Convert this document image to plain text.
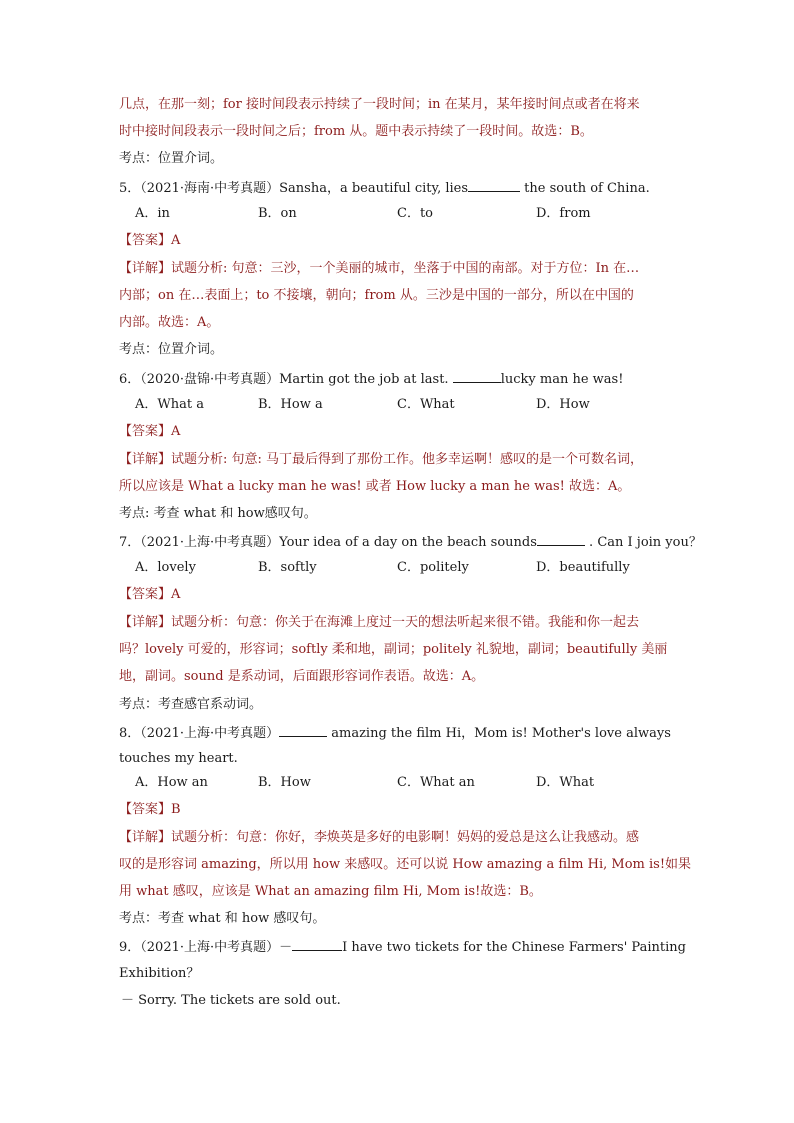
几点，在那一刻；for 接时间段表示持续了一段时间；in 在某月，某年接时间点或者在将来
时中接时间段表示一段时间之后；from 从。题中表示持续了一段时间。故选：B。
考点：位置介词。
5．（2021·海南·中考真题）Sansha，a beautiful city, lies	the south of China.
A．in	B．on	C．to	D．from
【答案】A
【详解】试题分析: 句意：三沙，一个美丽的城市，坐落于中国的南部。对于方位：In 在…
内部；on 在…表面上；to 不接壤，朝向；from 从。三沙是中国的一部分，所以在中国的
内部。故选：A。
考点：位置介词。
6．（2020·盘锦·中考真题）Martin got the job at last.	lucky man he was!
A．What a	B．How a	C．What	D．How
【答案】A
【详解】试题分析: 句意: 马丁最后得到了那份工作。他多幸运啊！感叹的是一个可数名词，
所以应该是 What a lucky man he was! 或者 How lucky a man he was! 故选：A。
考点: 考查 what 和 how感叹句。
7．（2021·上海·中考真题）Your idea of a day on the beach sounds	. Can I join you？
A．lovely	B．softly	C．politely	D．beautifully
【答案】A
【详解】试题分析：句意：你关于在海滩上度过一天的想法听起来很不错。我能和你一起去
吗？lovely 可爱的，形容词；softly 柔和地，副词；politely 礼貌地，副词；beautifully 美丽
地，副词。sound 是系动词，后面跟形容词作表语。故选：A。
考点：考查感官系动词。
8．（2021·上海·中考真题）	amazing the film Hi，Mom is! Mother's love always
touches my heart.
A．How an	B．How	C．What an	D．What
【答案】B
【详解】试题分析：句意：你好，李焕英是多好的电影啊！妈妈的爱总是这么让我感动。感
叹的是形容词 amazing，所以用 how 来感叹。还可以说 How amazing a film Hi, Mom is!如果
用 what 感叹，应该是 What an amazing film Hi, Mom is!故选：B。
考点：考查 what 和 how 感叹句。
9．（2021·上海·中考真题）－	I have two tickets for the Chinese Farmers' Painting
Exhibition？
－ Sorry. The tickets are sold out.
